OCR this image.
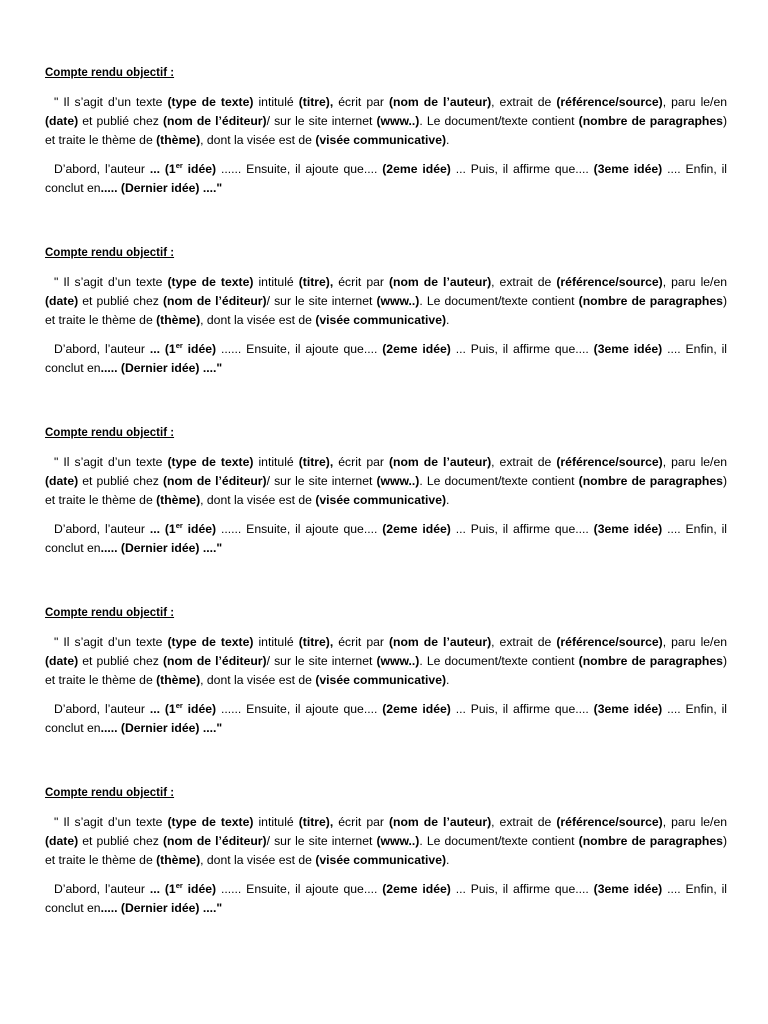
Compte rendu objectif :

" Il s’agit d’un texte (type de texte) intitulé (titre), écrit par (nom de l’auteur), extrait de (référence/source), paru le/en (date) et publié chez (nom de l’éditeur)/ sur le site internet (www..). Le document/texte contient (nombre de paragraphes) et traite le thème de (thème), dont la visée est de (visée communicative).

D’abord, l’auteur ... (1er idée) ...... Ensuite, il ajoute que.... (2eme idée) ... Puis, il affirme que.... (3eme idée) .... Enfin, il conclut en..... (Dernier idée) ...."

Compte rendu objectif :

" Il s’agit d’un texte (type de texte) intitulé (titre), écrit par (nom de l’auteur), extrait de (référence/source), paru le/en (date) et publié chez (nom de l’éditeur)/ sur le site internet (www..). Le document/texte contient (nombre de paragraphes) et traite le thème de (thème), dont la visée est de (visée communicative).

D’abord, l’auteur ... (1er idée) ...... Ensuite, il ajoute que.... (2eme idée) ... Puis, il affirme que.... (3eme idée) .... Enfin, il conclut en..... (Dernier idée) ...."

Compte rendu objectif :

" Il s’agit d’un texte (type de texte) intitulé (titre), écrit par (nom de l’auteur), extrait de (référence/source), paru le/en (date) et publié chez (nom de l’éditeur)/ sur le site internet (www..). Le document/texte contient (nombre de paragraphes) et traite le thème de (thème), dont la visée est de (visée communicative).

D’abord, l’auteur ... (1er idée) ...... Ensuite, il ajoute que.... (2eme idée) ... Puis, il affirme que.... (3eme idée) .... Enfin, il conclut en..... (Dernier idée) ...."

Compte rendu objectif :

" Il s’agit d’un texte (type de texte) intitulé (titre), écrit par (nom de l’auteur), extrait de (référence/source), paru le/en (date) et publié chez (nom de l’éditeur)/ sur le site internet (www..). Le document/texte contient (nombre de paragraphes) et traite le thème de (thème), dont la visée est de (visée communicative).

D’abord, l’auteur ... (1er idée) ...... Ensuite, il ajoute que.... (2eme idée) ... Puis, il affirme que.... (3eme idée) .... Enfin, il conclut en..... (Dernier idée) ...."

Compte rendu objectif :

" Il s’agit d’un texte (type de texte) intitulé (titre), écrit par (nom de l’auteur), extrait de (référence/source), paru le/en (date) et publié chez (nom de l’éditeur)/ sur le site internet (www..). Le document/texte contient (nombre de paragraphes) et traite le thème de (thème), dont la visée est de (visée communicative).

D’abord, l’auteur ... (1er idée) ...... Ensuite, il ajoute que.... (2eme idée) ... Puis, il affirme que.... (3eme idée) .... Enfin, il conclut en..... (Dernier idée) ...."
